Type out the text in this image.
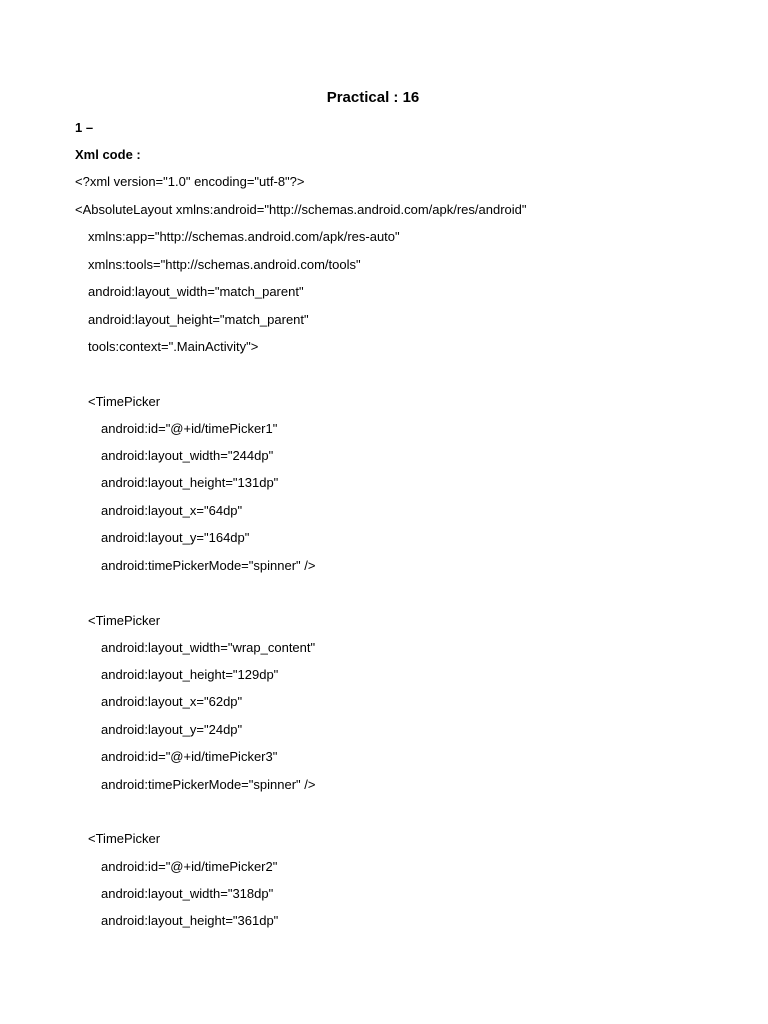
Practical : 16
1 –
Xml code :
<?xml version="1.0" encoding="utf-8"?>
<AbsoluteLayout xmlns:android="http://schemas.android.com/apk/res/android"
xmlns:app="http://schemas.android.com/apk/res-auto"
xmlns:tools="http://schemas.android.com/tools"
android:layout_width="match_parent"
android:layout_height="match_parent"
tools:context=".MainActivity">
<TimePicker
android:id="@+id/timePicker1"
android:layout_width="244dp"
android:layout_height="131dp"
android:layout_x="64dp"
android:layout_y="164dp"
android:timePickerMode="spinner" />
<TimePicker
android:layout_width="wrap_content"
android:layout_height="129dp"
android:layout_x="62dp"
android:layout_y="24dp"
android:id="@+id/timePicker3"
android:timePickerMode="spinner" />
<TimePicker
android:id="@+id/timePicker2"
android:layout_width="318dp"
android:layout_height="361dp"
